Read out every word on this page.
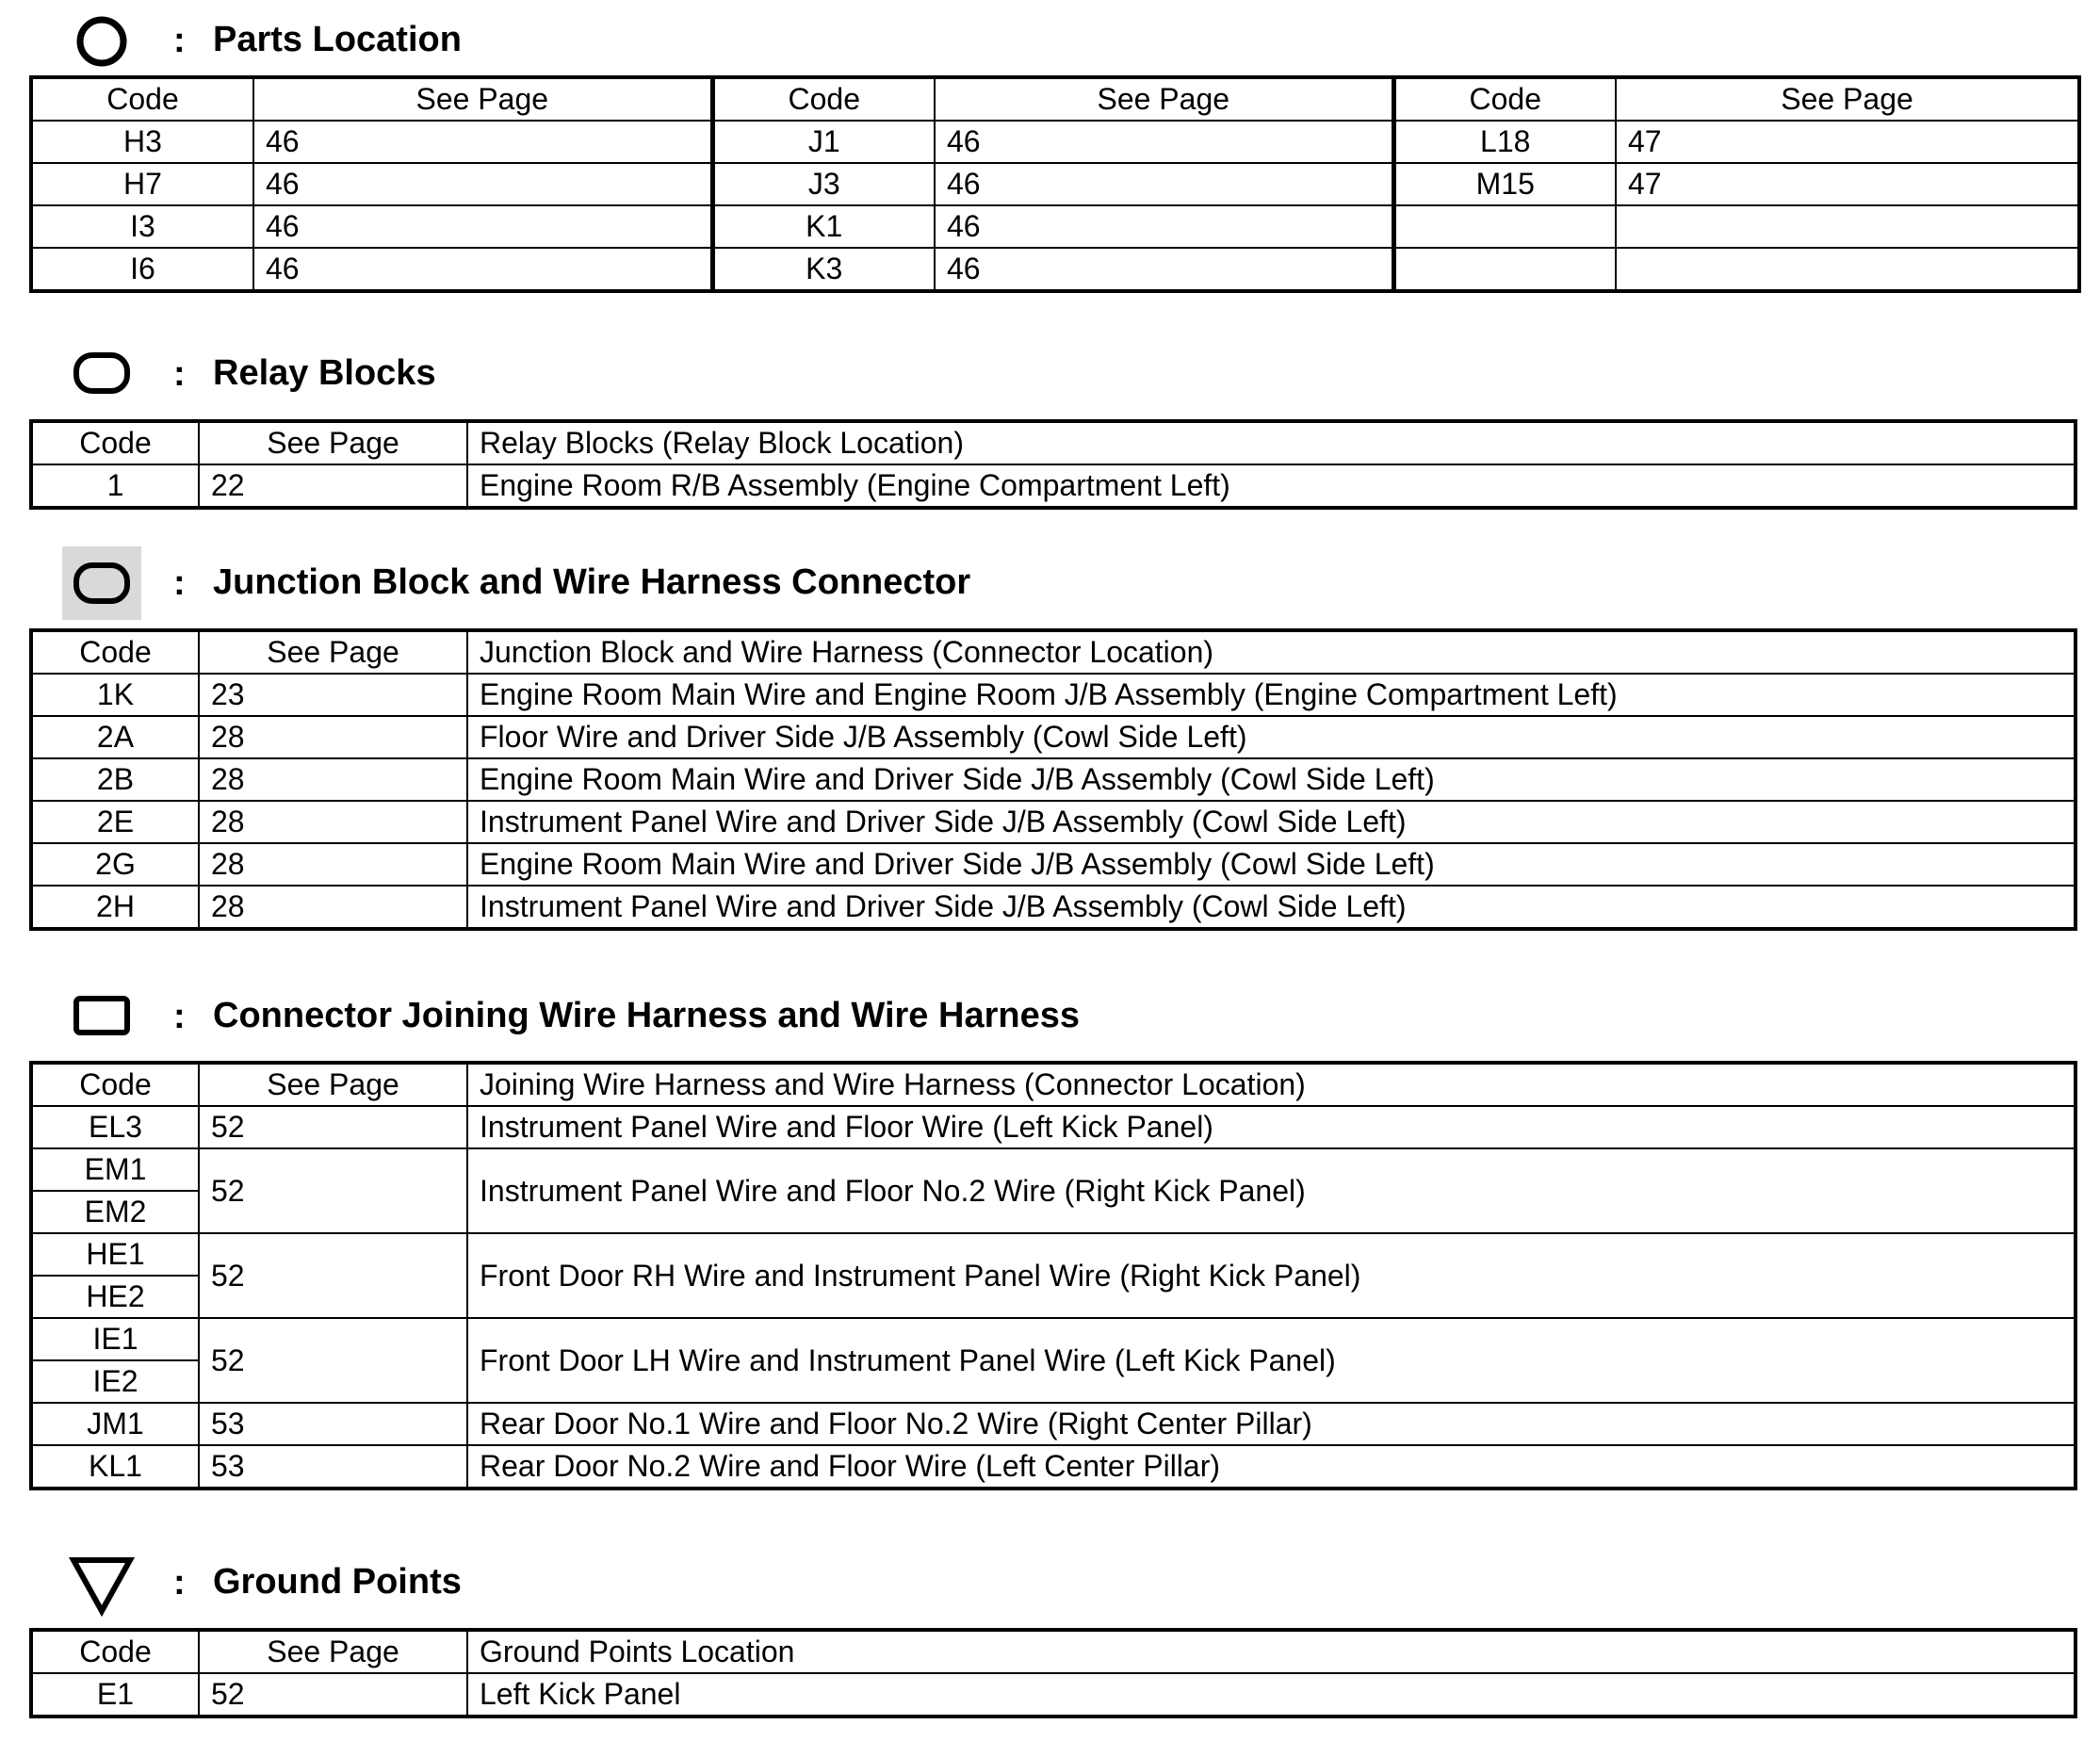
: Parts Location
Code	See Page	Code	See Page	Code	See Page
H3	46	J1	46	L18	47
H7	46	J3	46	M15	47
I3	46	K1	46		
I6	46	K3	46		
: Relay Blocks
Code	See Page	Relay Blocks (Relay Block Location)
1	22	Engine Room R/B Assembly (Engine Compartment Left)
: Junction Block and Wire Harness Connector
Code	See Page	Junction Block and Wire Harness (Connector Location)
1K	23	Engine Room Main Wire and Engine Room J/B Assembly (Engine Compartment Left)
2A	28	Floor Wire and Driver Side J/B Assembly (Cowl Side Left)
2B	28	Engine Room Main Wire and Driver Side J/B Assembly (Cowl Side Left)
2E	28	Instrument Panel Wire and Driver Side J/B Assembly (Cowl Side Left)
2G	28	Engine Room Main Wire and Driver Side J/B Assembly (Cowl Side Left)
2H	28	Instrument Panel Wire and Driver Side J/B Assembly (Cowl Side Left)
: Connector Joining Wire Harness and Wire Harness
Code	See Page	Joining Wire Harness and Wire Harness (Connector Location)
EL3	52	Instrument Panel Wire and Floor Wire (Left Kick Panel)
EM1	52	Instrument Panel Wire and Floor No.2 Wire (Right Kick Panel)
EM2		
HE1	52	Front Door RH Wire and Instrument Panel Wire (Right Kick Panel)
HE2		
IE1	52	Front Door LH Wire and Instrument Panel Wire (Left Kick Panel)
IE2		
JM1	53	Rear Door No.1 Wire and Floor No.2 Wire (Right Center Pillar)
KL1	53	Rear Door No.2 Wire and Floor Wire (Left Center Pillar)
: Ground Points
Code	See Page	Ground Points Location
E1	52	Left Kick Panel
